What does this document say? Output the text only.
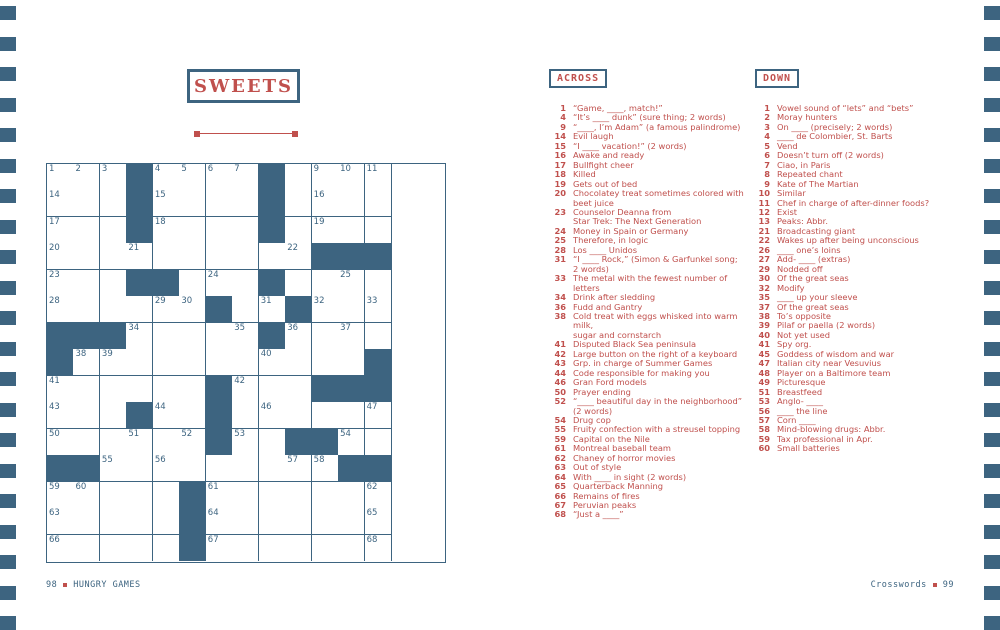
SWEETS
1 2 3	4 5 6 7	9 10 11
14	15	16
17	18	19
20	21	22
23	24	25
28	29 30	31	32	33
34	35	36	37
38 39	40
41	42
43	44	46	47
50	51	52	53	54
55	56	57 58
59 60	61	62
63	64	65
66	67	68
ACROSS	DOWN
1 “Game, ____, match!”
4 “It’s ____ dunk” (sure thing; 2 words)
9 “____, I’m Adam” (a famous palindrome)
14 Evil laugh
15 “I ____ vacation!” (2 words)
16 Awake and ready
17 Bullfight cheer
18 Killed
19 Gets out of bed
20 Chocolatey treat sometimes colored with
beet juice
23 Counselor Deanna from
Star Trek: The Next Generation
24 Money in Spain or Germany
25 Therefore, in logic
28 Los ____ Unidos
31 “I ____ Rock,” (Simon & Garfunkel song;
2 words)
33 The metal with the fewest number of letters
34 Drink after sledding
36 Fudd and Gantry
38 Cold treat with eggs whisked into warm milk,
sugar and cornstarch
41 Disputed Black Sea peninsula
42 Large button on the right of a keyboard
43 Grp. in charge of Summer Games
44 Code responsible for making you
46 Gran Ford models
50 Prayer ending
52 “____ beautiful day in the neighborhood”
(2 words)
54 Drug cop
55 Fruity confection with a streusel topping
59 Capital on the Nile
61 Montreal baseball team
62 Chaney of horror movies
63 Out of style
64 With ____ in sight (2 words)
65 Quarterback Manning
66 Remains of fires
67 Peruvian peaks
68 “Just a ____”
1 Vowel sound of “lets” and “bets”
2 Moray hunters
3 On ____ (precisely; 2 words)
4 ____ de Colombier, St. Barts
5 Vend
6 Doesn’t turn off (2 words)
7 Ciao, in Paris
8 Repeated chant
9 Kate of The Martian
10 Similar
11 Chef in charge of after-dinner foods?
12 Exist
13 Peaks: Abbr.
21 Broadcasting giant
22 Wakes up after being unconscious
26 ____ one’s loins
27 Add- ____ (extras)
29 Nodded off
30 Of the great seas
32 Modify
35 ____ up your sleeve
37 Of the great seas
38 To’s opposite
39 Pilaf or paella (2 words)
40 Not yet used
41 Spy org.
45 Goddess of wisdom and war
47 Italian city near Vesuvius
48 Player on a Baltimore team
49 Picturesque
51 Breastfeed
53 Anglo- ____
56 ____ the line
57 Corn ____
58 Mind-blowing drugs: Abbr.
59 Tax professional in Apr.
60 Small batteries
98 HUNGRY GAMES	Crosswords 99
